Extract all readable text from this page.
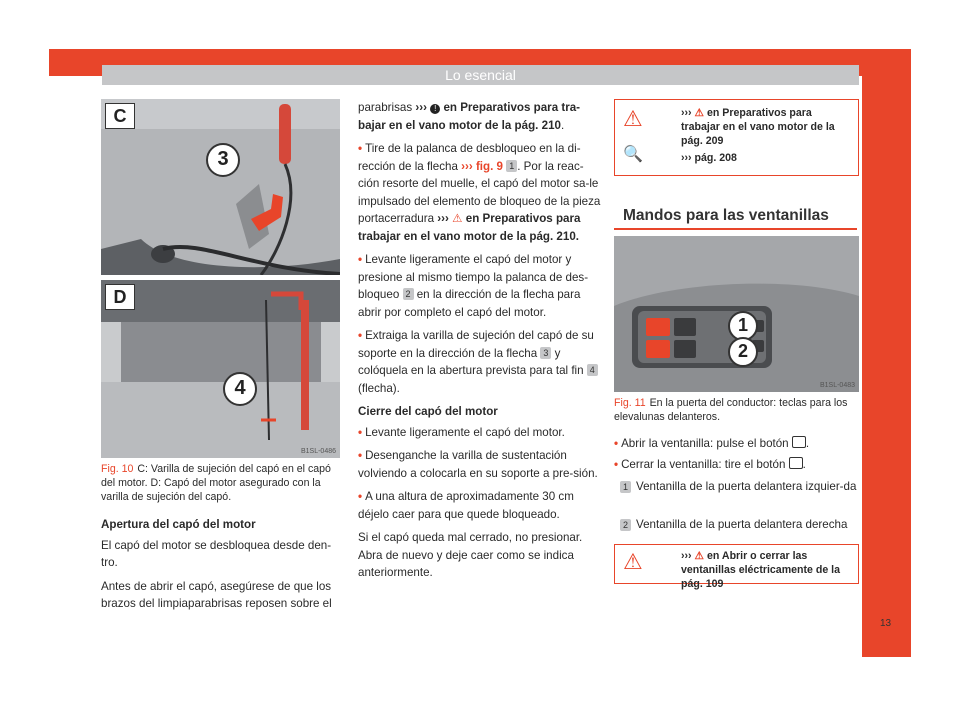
Lo esencial
C
3
D
4
B1SL-0486
Fig. 10 C: Varilla de sujeción del capó en el capó del motor. D: Capó del motor asegurado con la varilla de sujeción del capó.

Apertura del capó del motor

El capó del motor se desbloquea desde den-tro.

Antes de abrir el capó, asegúrese de que los brazos del limpiaparabrisas reposen sobre el

parabrisas ››› ! en Preparativos para tra-bajar en el vano motor de la pág. 210.

• Tire de la palanca de desbloqueo en la di-rección de la flecha ››› fig. 9 1 . Por la reac-ción resorte del muelle, el capó del motor sa-le impulsado del elemento de bloqueo de la pieza portacerradura ››› ⚠ en Preparativos para trabajar en el vano motor de la pág. 210.

• Levante ligeramente el capó del motor y presione al mismo tiempo la palanca de des-bloqueo 2 en la dirección de la flecha para abrir por completo el capó del motor.

• Extraiga la varilla de sujeción del capó de su soporte en la dirección de la flecha 3 y colóquela en la abertura prevista para tal fin 4 (flecha).

Cierre del capó del motor

• Levante ligeramente el capó del motor.

• Desenganche la varilla de sustentación volviendo a colocarla en su soporte a pre-sión.

• A una altura de aproximadamente 30 cm déjelo caer para que quede bloqueado.

Si el capó queda mal cerrado, no presionar. Abra de nuevo y deje caer como se indica anteriormente.

⚠
🔍
››› ⚠ en Preparativos para trabajar en el vano motor de la pág. 209
››› pág. 208
Mandos para las ventanillas
1
2
B1SL-0483
Fig. 11 En la puerta del conductor: teclas para los elevalunas delanteros.
• Abrir la ventanilla: pulse el botón .
• Cerrar la ventanilla: tire el botón .
1 Ventanilla de la puerta delantera izquier-da
2 Ventanilla de la puerta delantera derecha
⚠	››› ⚠ en Abrir o cerrar las ventanillas eléctricamente de la pág. 109
13
